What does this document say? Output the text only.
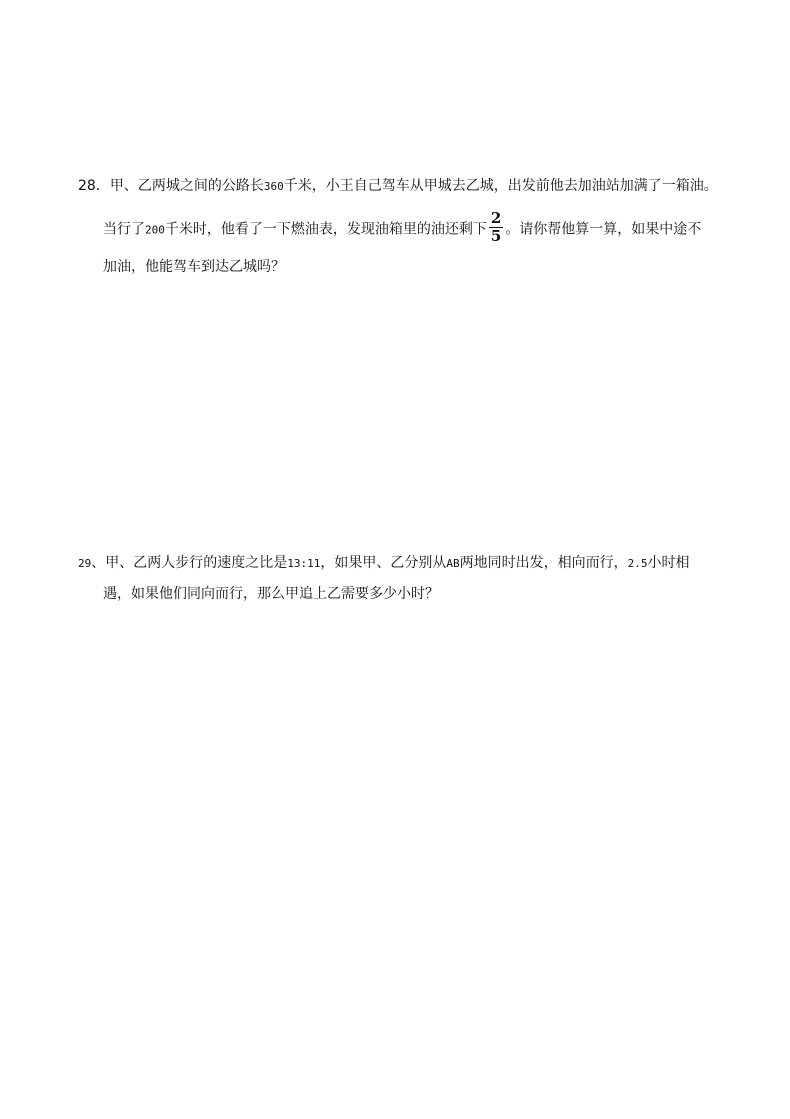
28．甲、乙两城之间的公路长360千米，小王自己驾车从甲城去乙城，出发前他去加油站加满了一箱油。
当行了200千米时，他看了一下燃油表，发现油箱里的油还剩下 $\frac{2}{5}$ 。请你帮他算一算，如果中途不
加油，他能驾车到达乙城吗？
29、甲、乙两人步行的速度之比是13:11，如果甲、乙分别从AB两地同时出发，相向而行，2.5小时相
遇，如果他们同向而行，那么甲追上乙需要多少小时？
